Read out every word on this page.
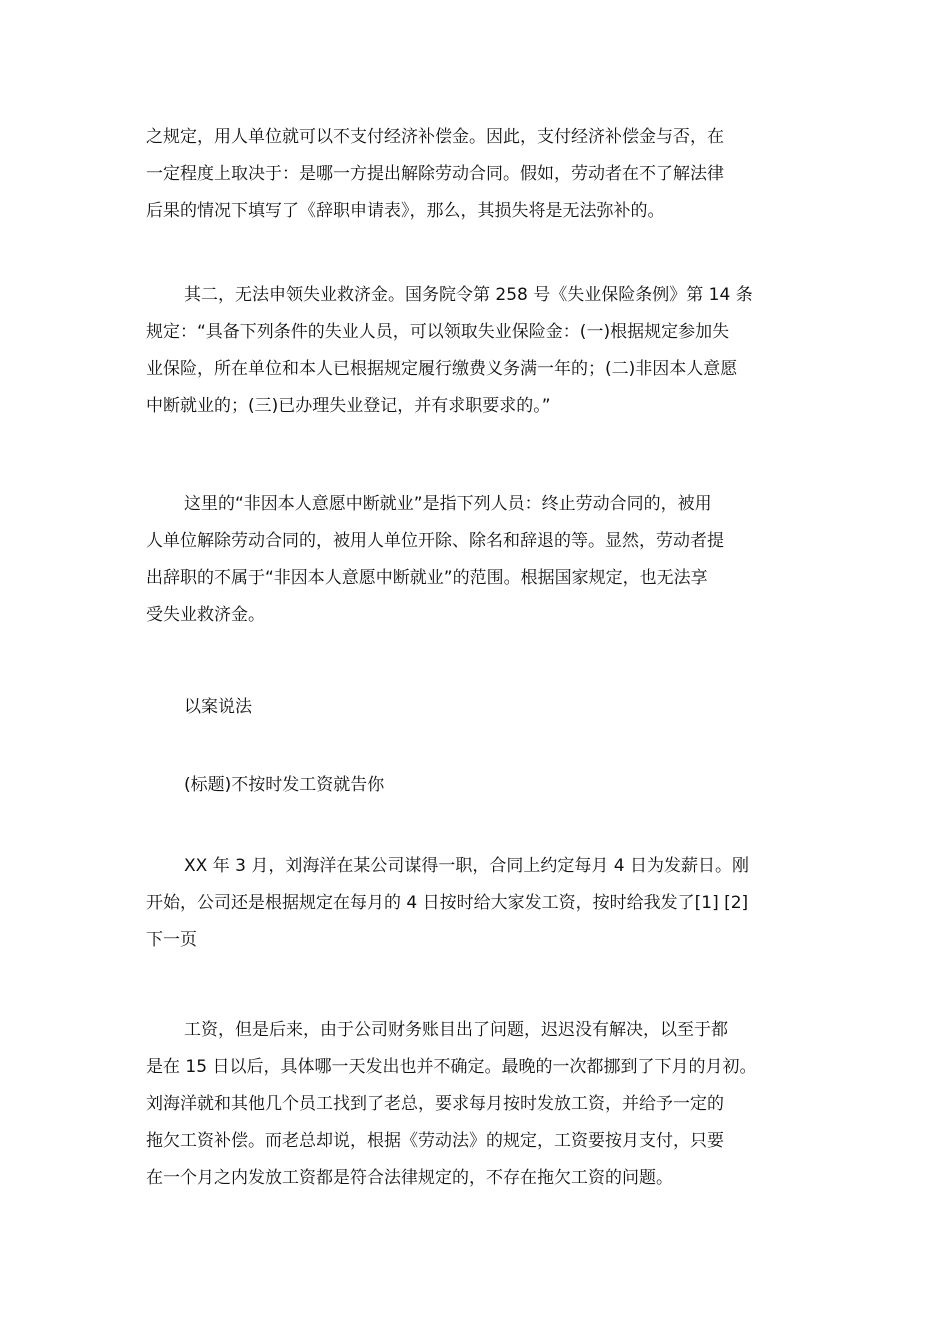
之规定，用人单位就可以不支付经济补偿金。因此，支付经济补偿金与否，在
一定程度上取决于：是哪一方提出解除劳动合同。假如，劳动者在不了解法律
后果的情况下填写了《辞职申请表》，那么，其损失将是无法弥补的。
其二，无法申领失业救济金。国务院令第 258 号《失业保险条例》第 14 条
规定：“具备下列条件的失业人员，可以领取失业保险金：(一)根据规定参加失
业保险，所在单位和本人已根据规定履行缴费义务满一年的；(二)非因本人意愿
中断就业的；(三)已办理失业登记，并有求职要求的。”
这里的“非因本人意愿中断就业”是指下列人员：终止劳动合同的，被用
人单位解除劳动合同的，被用人单位开除、除名和辞退的等。显然，劳动者提
出辞职的不属于“非因本人意愿中断就业”的范围。根据国家规定，也无法享
受失业救济金。
以案说法
(标题)不按时发工资就告你
XX 年 3 月，刘海洋在某公司谋得一职，合同上约定每月 4 日为发薪日。刚
开始，公司还是根据规定在每月的 4 日按时给大家发工资，按时给我发了[1] [2]
下一页
工资，但是后来，由于公司财务账目出了问题，迟迟没有解决，以至于都
是在 15 日以后，具体哪一天发出也并不确定。最晚的一次都挪到了下月的月初。
刘海洋就和其他几个员工找到了老总，要求每月按时发放工资，并给予一定的
拖欠工资补偿。而老总却说，根据《劳动法》的规定，工资要按月支付，只要
在一个月之内发放工资都是符合法律规定的，不存在拖欠工资的问题。
